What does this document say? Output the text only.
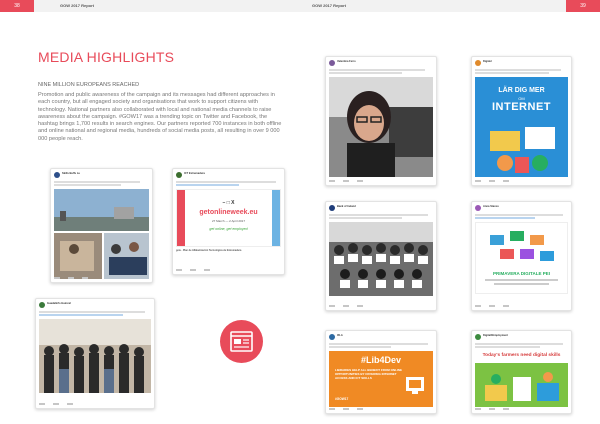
38	GOW 2017 Report	GOW 2017 Report	39
MEDIA HIGHLIGHTS
NINE MILLION EUROPEANS REACHED
Promotion and public awareness of the campaign and its messages had different approaches in each country, but all engaged society and organisations that work to support citizens with technology. National partners also collaborated with local and national media channels to raise awareness about the campaign. #GOW17 was a trending topic on Twitter and Facebook, the hashtag brings 1,700 results in search engines. Our partners reported 700 instances in both offline and online national and regional media, hundreds of social media posts, all resulting in over 9 000 000 people reach.
Skills Buffs Lu	ICT Extremadura
– □ X
getonlineweek.eu
27 March — 2 April 2017
get online, get employed
gow - Plan de Alfabetización Tecnológica de Extremadura
Guadalinfo Huércal
Valentina Ferro	Digidel
LÄR DIG MER
OM
INTERNET
Bank of Ireland	Anna Stanco
PRIMAVERA DIGITALE PEI
IFLA
#Lib4Dev
LIBRARIES HELP ALL BENEFIT FROM ONLINE OPPORTUNITIES BY OFFERING INTERNET ACCESS AND ICT SKILLS
#GOW17
Digital4Employment
Today's farmers need digital skills
